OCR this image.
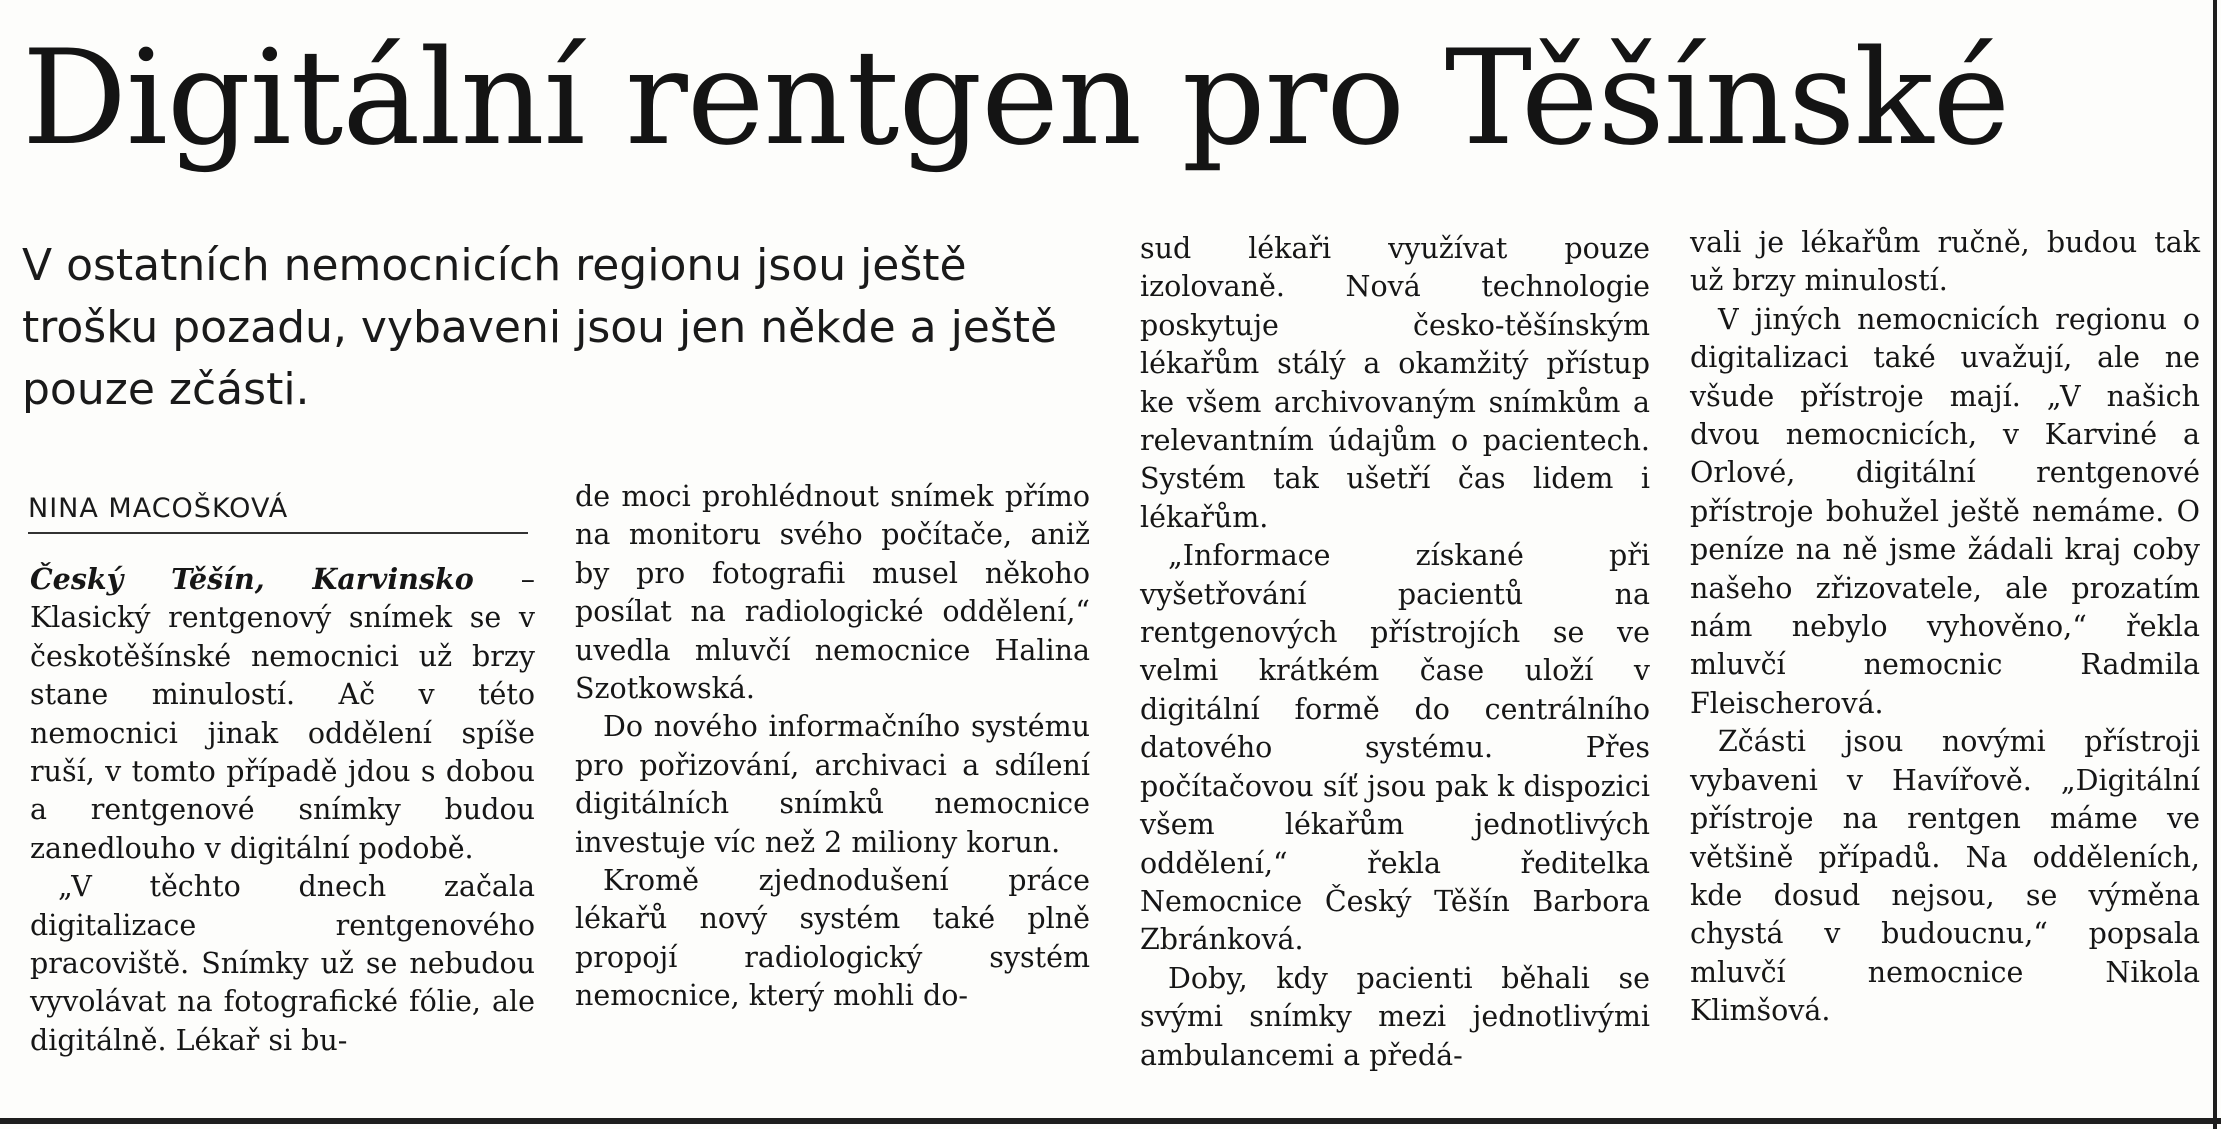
Digitální rentgen pro Těšínské

V ostatních nemocnicích regionu jsou ještě trošku pozadu, vybaveni jsou jen někde a ještě pouze zčásti.

NINA MACOŠKOVÁ

Český Těšín, Karvinsko – Klasický rentgenový snímek se v českotěšínské nemocnici už brzy stane minulostí. Ač v této nemocnici jinak oddělení spíše ruší, v tomto případě jdou s dobou a rentgenové snímky budou zanedlouho v digitální podobě.

„V těchto dnech začala digitalizace rentgenového pracoviště. Snímky už se nebudou vyvolávat na fotografické fólie, ale digitálně. Lékař si bu-

de moci prohlédnout snímek přímo na monitoru svého počítače, aniž by pro fotografii musel někoho posílat na radiologické oddělení,“ uvedla mluvčí nemocnice Halina Szotkowská.

Do nového informačního systému pro pořizování, archivaci a sdílení digitálních snímků nemocnice investuje víc než 2 miliony korun.

Kromě zjednodušení práce lékařů nový systém také plně propojí radiologický systém nemocnice, který mohli do-

sud lékaři využívat pouze izolovaně. Nová technologie poskytuje česko-těšínským lékařům stálý a okamžitý přístup ke všem archivovaným snímkům a relevantním údajům o pacientech. Systém tak ušetří čas lidem i lékařům.

„Informace získané při vyšetřování pacientů na rentgenových přístrojích se ve velmi krátkém čase uloží v digitální formě do centrálního datového systému. Přes počítačovou síť jsou pak k dispozici všem lékařům jednotlivých oddělení,“ řekla ředitelka Nemocnice Český Těšín Barbora Zbránková.

Doby, kdy pacienti běhali se svými snímky mezi jednotlivými ambulancemi a předá-

vali je lékařům ručně, budou tak už brzy minulostí.

V jiných nemocnicích regionu o digitalizaci také uvažují, ale ne všude přístroje mají. „V našich dvou nemocnicích, v Karviné a Orlové, digitální rentgenové přístroje bohužel ještě nemáme. O peníze na ně jsme žádali kraj coby našeho zřizovatele, ale prozatím nám nebylo vyhověno,“ řekla mluvčí nemocnic Radmila Fleischerová.

Zčásti jsou novými přístroji vybaveni v Havířově. „Digitální přístroje na rentgen máme ve většině případů. Na odděleních, kde dosud nejsou, se výměna chystá v budoucnu,“ popsala mluvčí nemocnice Nikola Klimšová.
